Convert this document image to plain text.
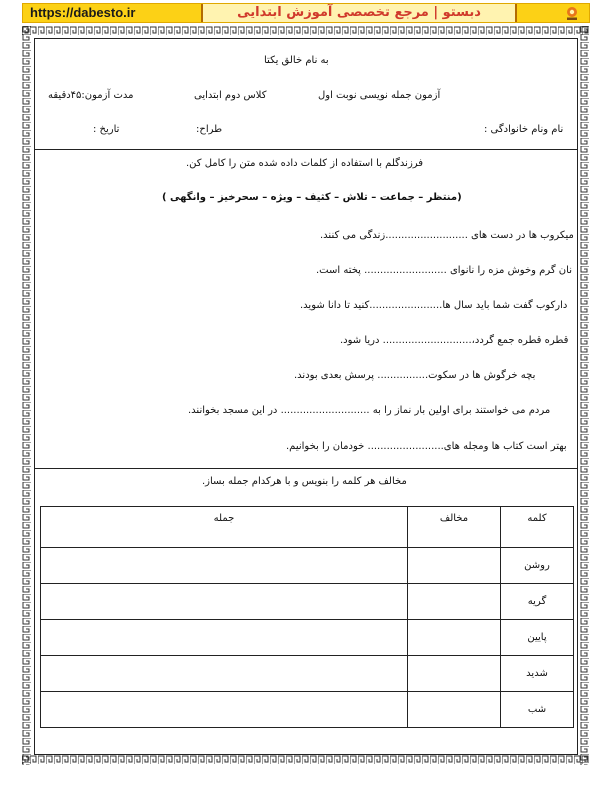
https://dabesto.ir	دبستو | مرجع تخصصی آموزش ابتدایی
به نام خالق یکتا
آزمون جمله نویسی نوبت اول
کلاس دوم ابتدایی
مدت آزمون:۴۵دقیقه
نام ونام خانوادگی :
طراح:
تاریخ :
فرزندگلم با استفاده از کلمات داده شده متن را کامل کن.
(منتظر – جماعت – تلاش – کثیف – ویژه – سحرخیز – وانگهی )
میکروب ها در دست های ..........................زندگی می کنند.
نان گرم وخوش مزه را نانوای .......................... پخته است.
دارکوب گفت شما باید سال ها.......................کنید تا دانا شوید.
قطره قطره جمع گردد،............................ دریا شود.
بچه خرگوش ها در سکوت................ پرسش بعدی بودند.
مردم می خواستند برای اولین بار نماز را به ............................ در این مسجد بخوانند.
بهتر است کتاب ها ومجله های........................ خودمان را بخوانیم.
مخالف هر کلمه را بنویس و با هرکدام جمله بساز.
کلمه	مخالف	جمله
روشن		
گریه		
پایین		
شدید		
شب		
